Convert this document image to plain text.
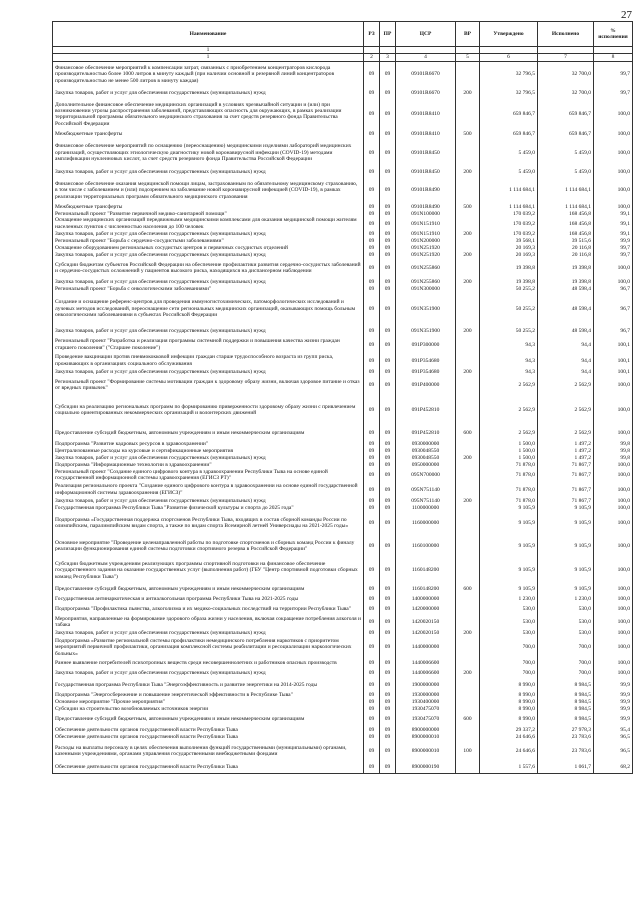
27
Наименование	РЗ	ПР	ЦСР	ВР	Утверждено	Исполнено	% исполнения
1							
1	2	3	4	5	6	7	8
Финансовое обеспечение мероприятий к компенсации затрат, связанных с приобретением концентраторов кислорода производительностью более 1000 литров в минуту каждый (при наличии основной и резервной линий концентраторов производительностью не менее 500 литров в минуту каждая)	09	09	09101R6670		32 796,5	32 700,0	99,7
Закупка товаров, работ и услуг для обеспечения государственных (муниципальных) нужд	09	09	09101R6670	200	32 796,5	32 700,0	99,7
Дополнительное финансовое обеспечение медицинских организаций в условиях чрезвычайной ситуации и (или) при возникновении угрозы распространения заболеваний, представляющих опасность для окружающих, в рамках реализации территориальной программы обязательного медицинского страхования за счет средств резервного фонда Правительства Российской Федерации	09	09	09101R8410		659 846,7	659 846,7	100,0
Межбюджетные трансферты	09	09	09101R8410	500	659 846,7	659 846,7	100,0
Финансовое обеспечение мероприятий по оснащению (переоснащению) медицинскими изделиями лабораторий медицинских организаций, осуществляющих этиологическую диагностику новой коронавирусной инфекции (COVID-19) методами амплификации нуклеиновых кислот, за счет средств резервного фонда Правительства Российской Федерации	09	09	09101R8450		5 459,0	5 459,0	100,0
Закупка товаров, работ и услуг для обеспечения государственных (муниципальных) нужд	09	09	09101R8450	200	5 459,0	5 459,0	100,0
Финансовое обеспечение оказания медицинской помощи лицам, застрахованным по обязательному медицинскому страхованию, в том числе с заболеванием и (или) подозрением на заболевание новой коронавирусной инфекцией (COVID-19), в рамках реализации территориальных программ обязательного медицинского страхования	09	09	09101R8490		1 114 684,1	1 114 684,1	100,0
Межбюджетные трансферты	09	09	09101R8490	500	1 114 684,1	1 114 684,1	100,0
Региональный проект "Развитие первичной медико-санитарной помощи"	09	09	091N100000		170 039,2	168 456,8	99,1
Оснащение медицинских организаций передвижными медицинскими комплексами для оказания медицинской помощи жителям населенных пунктов с численностью населения до 100 человек	09	09	091N151910		170 039,2	168 456,8	99,1
Закупка товаров, работ и услуг для обеспечения государственных (муниципальных) нужд	09	09	091N151910	200	170 039,2	168 456,8	99,1
Региональный проект "Борьба с сердечно-сосудистыми заболеваниями"	09	09	091N200000		39 568,1	39 515,6	99,9
Оснащение оборудованием региональных сосудистых центров и первичных сосудистых отделений	09	09	091N251920		20 169,3	20 116,8	99,7
Закупка товаров, работ и услуг для обеспечения государственных (муниципальных) нужд	09	09	091N251920	200	20 169,3	20 116,8	99,7
Субсидии бюджетам субъектов Российской Федерации на обеспечение профилактики развития сердечно-сосудистых заболеваний и сердечно-сосудистых осложнений у пациентов высокого риска, находящихся на диспансерном наблюдении	09	09	091N255860		19 398,8	19 398,8	100,0
Закупка товаров, работ и услуг для обеспечения государственных (муниципальных) нужд	09	09	091N255860	200	19 398,8	19 398,8	100,0
Региональный проект "Борьба с онкологическими заболеваниями"	09	09	091N300000		50 255,2	48 598,4	96,7
Создание и оснащение референс-центров для проведения иммуногистохимических, патоморфологических исследований и лучевых методов исследований, переоснащение сети региональных медицинских организаций, оказывающих помощь больным онкологическими заболеваниями в субъектах Российской Федерации	09	09	091N351900		50 255,2	48 598,4	96,7
Закупка товаров, работ и услуг для обеспечения государственных (муниципальных) нужд	09	09	091N351900	200	50 255,2	48 598,4	96,7
Региональный проект "Разработка и реализация программы системной поддержки и повышения качества жизни граждан старшего поколения" ("Старшее поколение")	09	09	091P300000		94,3	94,4	100,1
Проведение вакцинации против пневмококковой инфекции граждан старше трудоспособного возраста из групп риска, проживающих в организациях социального обслуживания	09	09	091P354680		94,3	94,4	100,1
Закупка товаров, работ и услуг для обеспечения государственных (муниципальных) нужд	09	09	091P354680	200	94,3	94,4	100,1
Региональный проект "Формирование системы мотивации граждан к здоровому образу жизни, включая здоровое питание и отказ от вредных привычек"	09	09	091P400000		2 562,9	2 562,9	100,0
Субсидии на реализацию региональных программ по формированию приверженности здоровому образу жизни с привлечением социально ориентированных некоммерческих организаций и волонтерских движений	09	09	091P452810		2 562,9	2 562,9	100,0
Предоставление субсидий бюджетным, автономным учреждениям и иным некоммерческим организациям	09	09	091P452810	600	2 562,9	2 562,9	100,0
Подпрограмма "Развитие кадровых ресурсов в здравоохранении"	09	09	0930000000		1 500,0	1 497,2	99,8
Централизованные расходы на курсовые и сертификационные мероприятия	09	09	0930048550		1 500,0	1 497,2	99,8
Закупка товаров, работ и услуг для обеспечения государственных (муниципальных) нужд	09	09	0930048550	200	1 500,0	1 497,2	99,8
Подпрограмма "Информационные технологии в здравоохранении"	09	09	0950000000		71 878,0	71 867,7	100,0
Региональный проект "Создание единого цифрового контура в здравоохранении Республики Тыва на основе единой государственной информационной системы здравоохранения (ЕГИСЗ РТ)"	09	09	095N700000		71 878,0	71 867,7	100,0
Реализация регионального проекта "Создание единого цифрового контура в здравоохранении на основе единой государственной информационной системы здравоохранения (ЕГИСЗ)"	09	09	095N751140		71 878,0	71 867,7	100,0
Закупка товаров, работ и услуг для обеспечения государственных (муниципальных) нужд	09	09	095N751140	200	71 878,0	71 867,7	100,0
Государственная программа Республики Тыва "Развитие физической культуры и спорта до 2025 года"	09	09	1100000000		9 105,9	9 105,9	100,0
Подпрограмма «Государственная поддержка спортсменов Республики Тыва, входящих в состав сборной команды России по олимпийским, паралимпийским видам спорта, а также по видам спорта Всемирной летней Универсиады на 2021-2025 годы»	09	09	1160000000		9 105,9	9 105,9	100,0
Основное мероприятие "Проведение целенаправленной работы по подготовке спортсменов и сборных команд России к финалу реализации функционирования единой системы подготовки спортивного резерва в Российской Федерации"	09	09	1160100000		9 105,9	9 105,9	100,0
Субсидии бюджетным учреждениям реализующих программы спортивной подготовки на финансовое обеспечение государственного задания на оказание государственных услуг (выполнения работ) (ГБУ "Центр спортивной подготовки сборных команд Республики Тыва")	09	09	1160148200		9 105,9	9 105,9	100,0
Предоставление субсидий бюджетным, автономным учреждениям и иным некоммерческим организациям	09	09	1160148200	600	9 105,9	9 105,9	100,0
Государственная антинаркотическая и антиалкогольная программа Республики Тыва на 2021-2025 годы	09	09	1400000000		1 230,0	1 230,0	100,0
Подпрограмма "Профилактика пьянства, алкоголизма и их медико-социальных последствий на территории Республики Тыва"	09	09	1420000000		530,0	530,0	100,0
Мероприятия, направленные на формирование здорового образа жизни у населения, включая сокращение потребления алкоголя и табака	09	09	1420020150		530,0	530,0	100,0
Закупка товаров, работ и услуг для обеспечения государственных (муниципальных) нужд	09	09	1420020150	200	530,0	530,0	100,0
Подпрограмма «Развитие региональной системы профилактики немедицинского потребления наркотиков с приоритетом мероприятий первичной профилактики, организация комплексной системы реабилитации и ресоциализации наркологических больных»	09	09	1440000000		700,0	700,0	100,0
Раннее выявление потребителей психотропных веществ среди несовершеннолетних и работников опасных производств	09	09	1440006600		700,0	700,0	100,0
Закупка товаров, работ и услуг для обеспечения государственных (муниципальных) нужд	09	09	1440006600	200	700,0	700,0	100,0
Государственная программа Республики Тыва "Энергоэффективность и развитие энергетики на 2014-2025 годы	09	09	1900000000		8 990,0	8 984,5	99,9
Подпрограмма "Энергосбережение и повышение энергетической эффективности в Республике Тыва"	09	09	1930000000		8 990,0	8 984,5	99,9
Основное мероприятие "Прочие мероприятия"	09	09	1930400000		8 990,0	8 984,5	99,9
Субсидии на строительство возобновляемых источников энергии	09	09	1930475070		8 990,0	8 984,5	99,9
Предоставление субсидий бюджетным, автономным учреждениям и иным некоммерческим организациям	09	09	1930475070	600	8 990,0	8 984,5	99,9
Обеспечение деятельности органов государственной власти Республики Тыва	09	09	8900000000		29 337,2	27 978,3	95,4
Обеспечение деятельности органов государственной власти Республики Тыва	09	09	8900000010		24 646,6	23 783,6	96,5
Расходы на выплаты персоналу в целях обеспечения выполнения функций государственными (муниципальными) органами, казенными учреждениями, органами управления государственными внебюджетными фондами	09	09	8900000010	100	24 646,6	23 783,6	96,5
Обеспечение деятельности органов государственной власти Республики Тыва	09	09	8900000190		1 557,6	1 061,7	68,2
